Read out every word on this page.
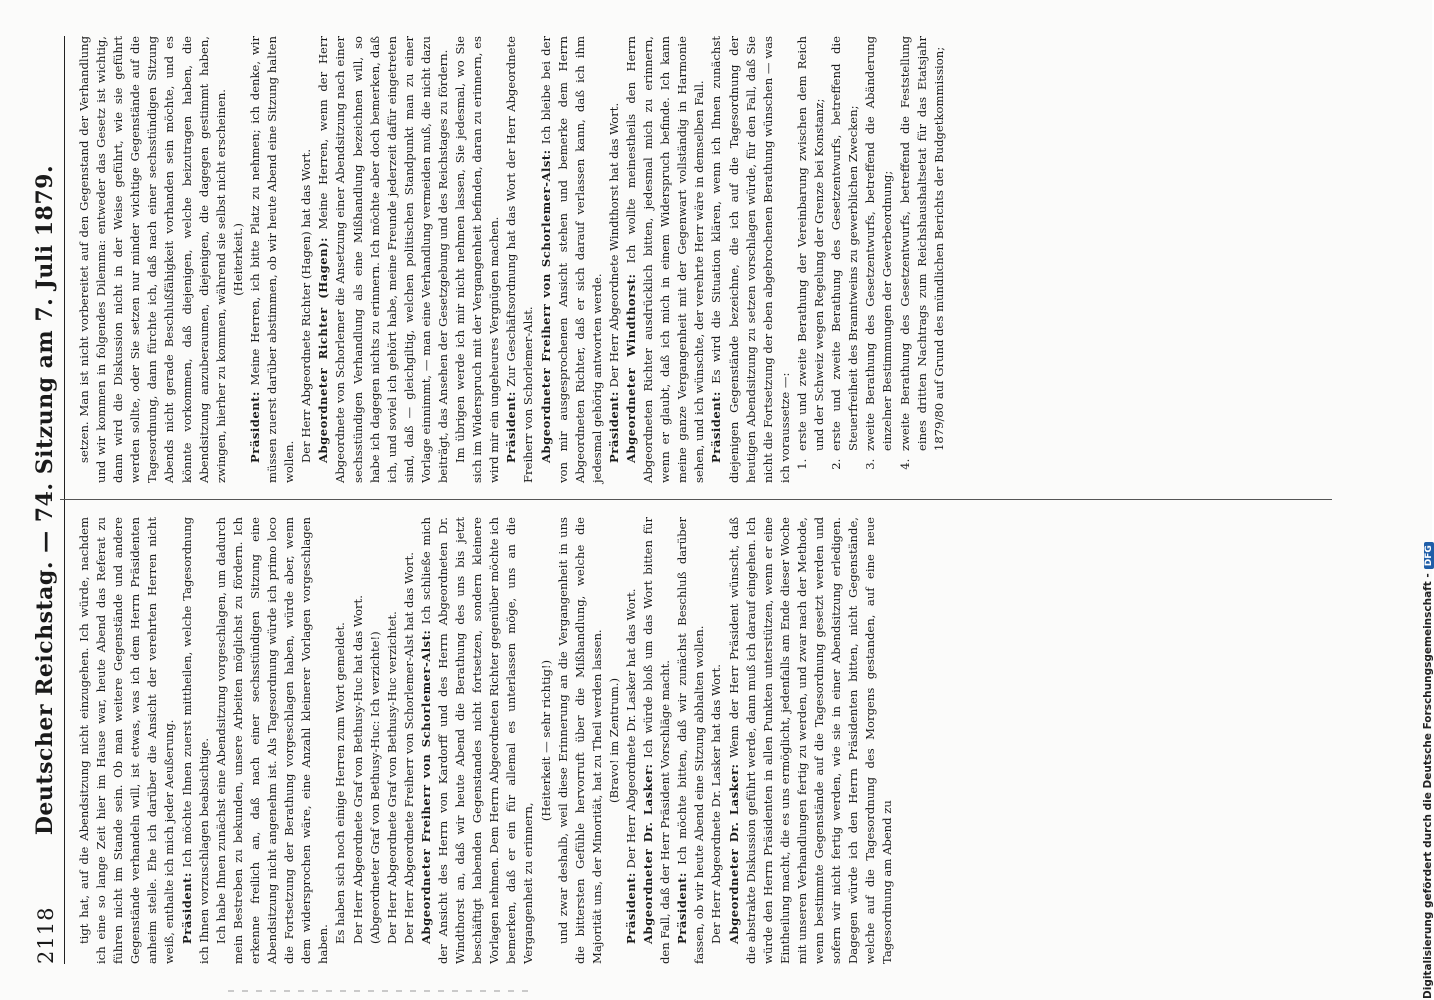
2118
Deutscher Reichstag. — 74. Sitzung am 7. Juli 1879. tigt hat, auf die Abendsitzung nicht einzugehen. Ich würde, nachdem ich eine so lange Zeit hier im Hause war, heute Abend das Referat zu führen nicht im Stande sein. Ob man weitere Gegenstände und andere Gegenstände verhandeln will, ist etwas, was ich dem Herrn Präsidenten anheim stelle. Ehe ich darüber die Ansicht der verehrten Herren nicht weiß, enthalte ich mich jeder Aeußerung. Präsident: Ich möchte Ihnen zuerst mittheilen, welche Tagesordnung ich Ihnen vorzuschlagen beabsichtige. Ich habe Ihnen zunächst eine Abendsitzung vorgeschlagen, um dadurch mein Bestreben zu bekunden, unsere Arbeiten möglichst zu fördern. Ich erkenne freilich an, daß nach einer sechsstündigen Sitzung eine Abendsitzung nicht angenehm ist. Als Tagesordnung würde ich primo loco die Fortsetzung der Berathung vorgeschlagen haben, würde aber, wenn dem widersprochen wäre, eine Anzahl kleinerer Vorlagen vorgeschlagen haben.

Es haben sich noch einige Herren zum Wort gemeldet. Der Herr Abgeordnete Graf von Bethusy-Huc hat das Wort. (Abgeordneter Graf von Bethusy-Huc: Ich verzichte!) Der Herr Abgeordnete Graf von Bethusy-Huc verzichtet. Der Herr Abgeordnete Freiherr von Schorlemer-Alst hat das Wort. Abgeordneter Freiherr von Schorlemer-Alst: Ich schließe mich der Ansicht des Herrn von Kardorff und des Herrn Abgeordneten Dr. Windthorst an, daß wir heute Abend die Berathung des uns bis jetzt beschäftigt habenden Gegenstandes nicht fortsetzen, sondern kleinere Vorlagen nehmen. Dem Herrn Abgeordneten Richter gegenüber möchte ich bemerken, daß er ein für allemal es unterlassen möge, uns an die Vergangenheit zu erinnern,

(Heiterkeit — sehr richtig!) und zwar deshalb, weil diese Erinnerung an die Vergangenheit in uns die bittersten Gefühle hervorruft über die Mißhandlung, welche die Majorität uns, der Minorität, hat zu Theil werden lassen. (Bravo! im Zentrum.)

Präsident: Der Herr Abgeordnete Dr. Lasker hat das Wort. Abgeordneter Dr. Lasker: Ich würde bloß um das Wort bitten für den Fall, daß der Herr Präsident Vorschläge macht. Präsident: Ich möchte bitten, daß wir zunächst Beschluß darüber fassen, ob wir heute Abend eine Sitzung abhalten wollen. Der Herr Abgeordnete Dr. Lasker hat das Wort. Abgeordneter Dr. Lasker: Wenn der Herr Präsident wünscht, daß die abstrakte Diskussion geführt werde, dann muß ich darauf eingehen. Ich würde den Herrn Präsidenten in allen Punkten unterstützen, wenn er eine Eintheilung macht, die es uns ermöglicht, jedenfalls am Ende dieser Woche mit unseren Verhandlungen fertig zu werden, und zwar nach der Methode, wenn bestimmte Gegenstände auf die Tagesordnung gesetzt werden und sofern wir nicht fertig werden, wie sie in einer Abendsitzung erledigen. Dagegen würde ich den Herrn Präsidenten bitten, nicht Gegenstände, welche auf die Tagesordnung des Morgens gestanden, auf eine neue Tagesordnung am Abend zu

setzen. Man ist nicht vorbereitet auf den Gegenstand der Verhandlung und wir kommen in folgendes Dilemma: entweder das Gesetz ist wichtig, dann wird die Diskussion nicht in der Weise geführt, wie sie geführt werden sollte, oder Sie setzen nur minder wichtige Gegenstände auf die Tagesordnung, dann fürchte ich, daß nach einer sechsstündigen Sitzung Abends nicht gerade Beschlußfähigkeit vorhanden sein möchte, und es könnte vorkommen, daß diejenigen, welche beizutragen haben, die Abendsitzung anzuberaumen, diejenigen, die dagegen gestimmt haben, zwingen, hierher zu kommen, während sie selbst nicht erscheinen. (Heiterkeit.)

Präsident: Meine Herren, ich bitte Platz zu nehmen; ich denke, wir müssen zuerst darüber abstimmen, ob wir heute Abend eine Sitzung halten wollen. Der Herr Abgeordnete Richter (Hagen) hat das Wort. Abgeordneter Richter (Hagen): Meine Herren, wenn der Herr Abgeordnete von Schorlemer die Ansetzung einer Abendsitzung nach einer sechsstündigen Verhandlung als eine Mißhandlung bezeichnen will, so habe ich dagegen nichts zu erinnern. Ich möchte aber doch bemerken, daß ich, und soviel ich gehört habe, meine Freunde jederzeit dafür eingetreten sind, daß — gleichgiltig, welchen politischen Standpunkt man zu einer Vorlage einnimmt, — man eine Verhandlung vermeiden muß, die nicht dazu beiträgt, das Ansehen der Gesetzgebung und des Reichstages zu fördern. Im übrigen werde ich mir nicht nehmen lassen, Sie jedesmal, wo Sie sich im Widerspruch mit der Vergangenheit befinden, daran zu erinnern, es wird mir ein ungeheures Vergnügen machen. Präsident: Zur Geschäftsordnung hat das Wort der Herr Abgeordnete Freiherr von Schorlemer-Alst. Abgeordneter Freiherr von Schorlemer-Alst: Ich bleibe bei der von mir ausgesprochenen Ansicht stehen und bemerke dem Herrn Abgeordneten Richter, daß er sich darauf verlassen kann, daß ich ihm jedesmal gehörig antworten werde. Präsident: Der Herr Abgeordnete Windthorst hat das Wort. Abgeordneter Windthorst: Ich wollte meinestheils den Herrn Abgeordneten Richter ausdrücklich bitten, jedesmal mich zu erinnern, wenn er glaubt, daß ich mich in einem Widerspruch befinde. Ich kann meine ganze Vergangenheit mit der Gegenwart vollständig in Harmonie sehen, und ich wünschte, der verehrte Herr wäre in demselben Fall. Präsident: Es wird die Situation klären, wenn ich Ihnen zunächst diejenigen Gegenstände bezeichne, die ich auf die Tagesordnung der heutigen Abendsitzung zu setzen vorschlagen würde, für den Fall, daß Sie nicht die Fortsetzung der eben abgebrochenen Berathung wünschen — was ich voraussetze —: 1. erste und zweite Berathung der Vereinbarung zwischen dem Reich und der Schweiz wegen Regelung der Grenze bei Konstanz; 2. erste und zweite Berathung des Gesetzentwurfs, betreffend die Steuerfreiheit des Branntweins zu gewerblichen Zwecken; 3. zweite Berathung des Gesetzentwurfs, betreffend die Abänderung einzelner Bestimmungen der Gewerbeordnung; 4. zweite Berathung des Gesetzentwurfs, betreffend die Feststellung eines dritten Nachtrags zum Reichshaushaltsetat für das Etatsjahr 1879/80 auf Grund des mündlichen Berichts der Budgetkommission;
Digitalisierung gefördert durch die Deutsche Forschungsgemeinschaft -DFG
